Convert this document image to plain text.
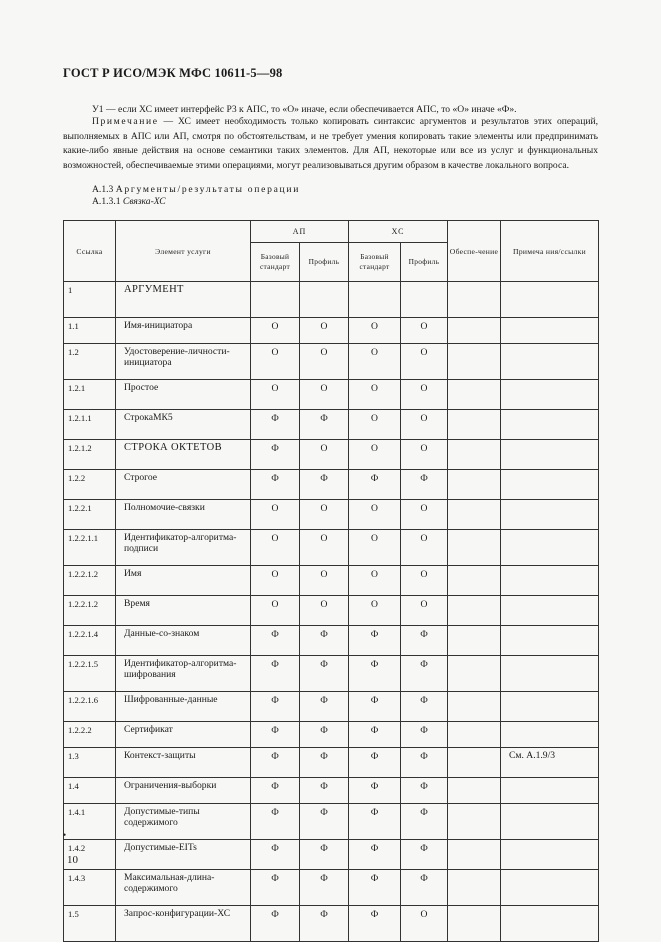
ГОСТ Р ИСО/МЭК МФС 10611-5—98
У1 — если ХС имеет интерфейс Р3 к АПС, то «О» иначе, если обеспечивается АПС, то «О» иначе «Ф».
Примечание — ХС имеет необходимость только копировать синтаксис аргументов и результатов этих операций, выполняемых в АПС или АП, смотря по обстоятельствам, и не требует умения копировать такие элементы или предпринимать какие-либо явные действия на основе семантики таких элементов. Для АП, некоторые или все из услуг и функциональных возможностей, обеспечиваемые этими операциями, могут реализовываться другим образом в качестве локального вопроса.
А.1.3 Аргументы/результаты операции
А.1.3.1 Связка-ХС
Ссылка	Элемент услуги	АП		ХС		Обеспе-чение	Примеча ния/ссылки
		Базовый стандарт	Профиль	Базовый стандарт	Профиль		
1	АРГУМЕНТ						
1.1	Имя-инициатора	О	О	О	О		
1.2	Удостоверение-личности-инициатора	О	О	О	О		
1.2.1	Простое	О	О	О	О		
1.2.1.1	СтрокаМК5	Ф	Ф	О	О		
1.2.1.2	СТРОКА ОКТЕТОВ	Ф	О	О	О		
1.2.2	Строгое	Ф	Ф	Ф	Ф		
1.2.2.1	Полномочие-связки	О	О	О	О		
1.2.2.1.1	Идентификатор-алгоритма-подписи	О	О	О	О		
1.2.2.1.2	Имя	О	О	О	О		
1.2.2.1.2	Время	О	О	О	О		
1.2.2.1.4	Данные-со-знаком	Ф	Ф	Ф	Ф		
1.2.2.1.5	Идентификатор-алгоритма-шифрования	Ф	Ф	Ф	Ф		
1.2.2.1.6	Шифрованные-данные	Ф	Ф	Ф	Ф		
1.2.2.2	Сертификат	Ф	Ф	Ф	Ф		
1.3	Контекст-защиты	Ф	Ф	Ф	Ф		См. А.1.9/3
1.4	Ограничения-выборки	Ф	Ф	Ф	Ф		
1.4.1	Допустимые-типы содержимого	Ф	Ф	Ф	Ф		
1.4.2	Допустимые-EITs	Ф	Ф	Ф	Ф		
1.4.3	Максимальная-длина-содержимого	Ф	Ф	Ф	Ф		
1.5	Запрос-конфигурации-ХС	Ф	Ф	Ф	О		
•
10
